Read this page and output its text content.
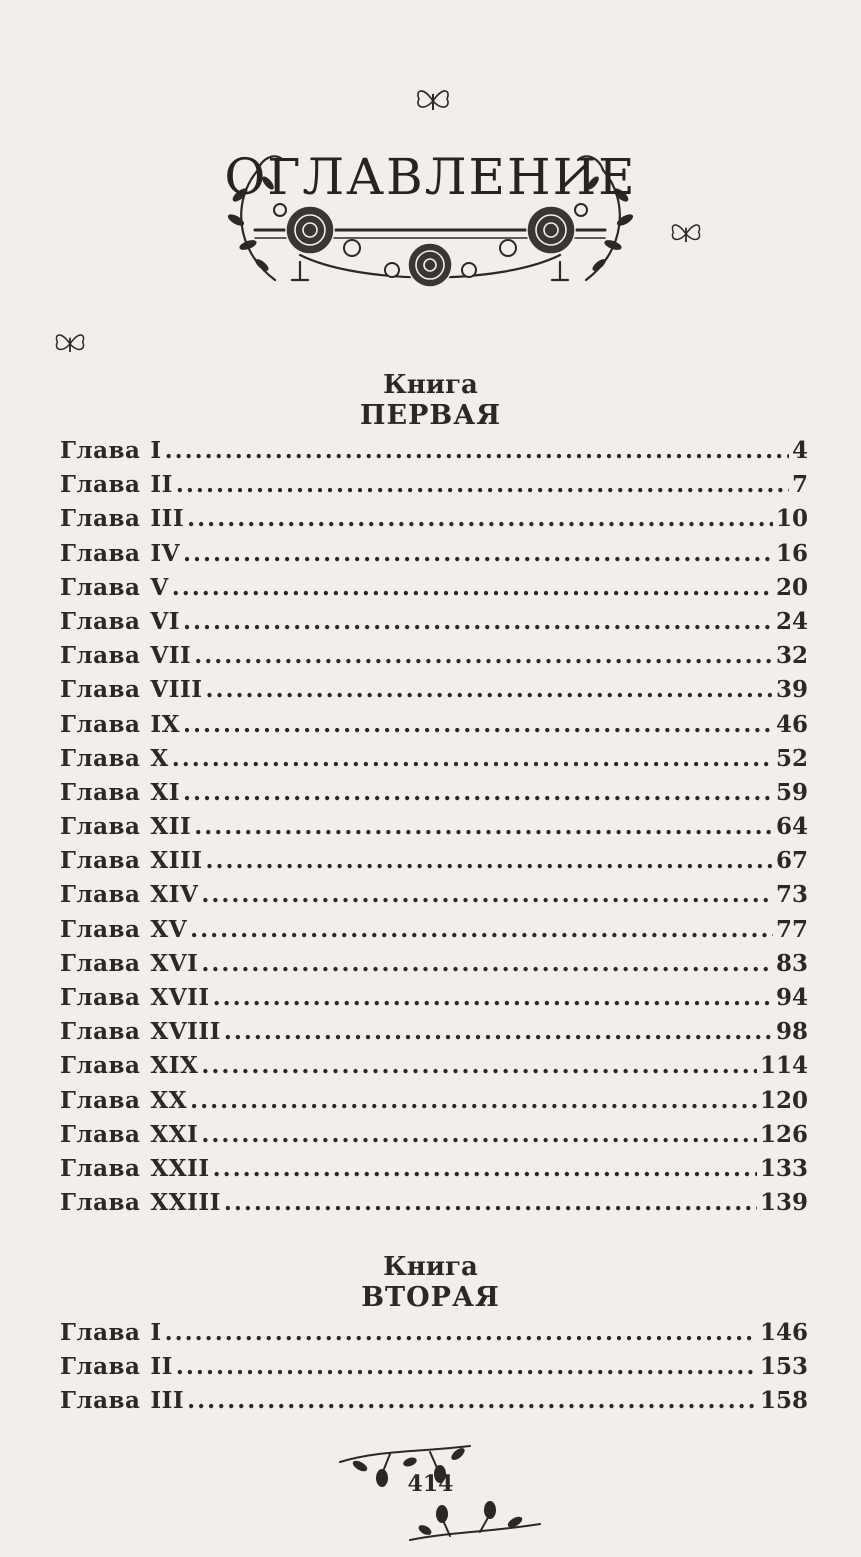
ОГЛАВЛЕНИЕ
Книга
ПЕРВАЯ
Глава I .....	4
Глава II .....	7
Глава III .....	10
Глава IV .....	16
Глава V .....	20
Глава VI .....	24
Глава VII .....	32
Глава VIII .....	39
Глава IX .....	46
Глава X .....	52
Глава XI .....	59
Глава XII .....	64
Глава XIII .....	67
Глава XIV .....	73
Глава XV .....	77
Глава XVI .....	83
Глава XVII .....	94
Глава XVIII .....	98
Глава XIX .....	114
Глава XX .....	120
Глава XXI .....	126
Глава XXII .....	133
Глава XXIII .....	139
Книга
ВТОРАЯ
Глава I .....	146
Глава II .....	153
Глава III .....	158
414
